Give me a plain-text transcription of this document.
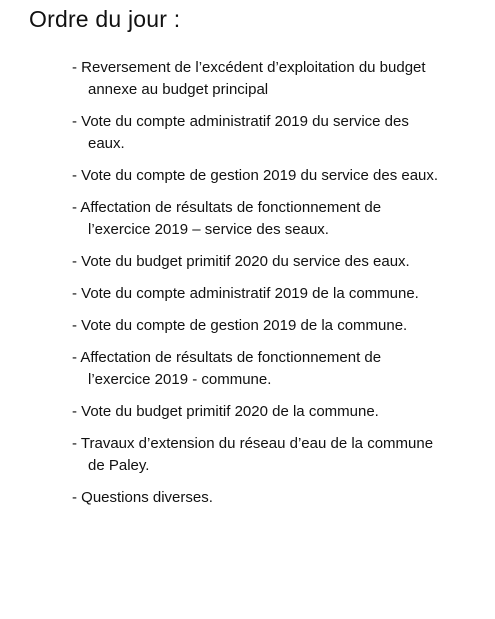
Ordre du jour :
- Reversement de l’excédent d’exploitation du budget annexe au budget principal
- Vote du compte administratif 2019 du service des eaux.
- Vote du compte de gestion 2019 du service des eaux.
- Affectation de résultats de fonctionnement de l’exercice 2019 – service des seaux.
- Vote du budget primitif 2020 du service des eaux.
- Vote du compte administratif 2019 de la commune.
- Vote du compte de gestion 2019 de la commune.
- Affectation de résultats de fonctionnement de l’exercice 2019 - commune.
- Vote du budget primitif 2020 de la commune.
- Travaux d’extension du réseau d’eau de la commune de Paley.
- Questions diverses.
